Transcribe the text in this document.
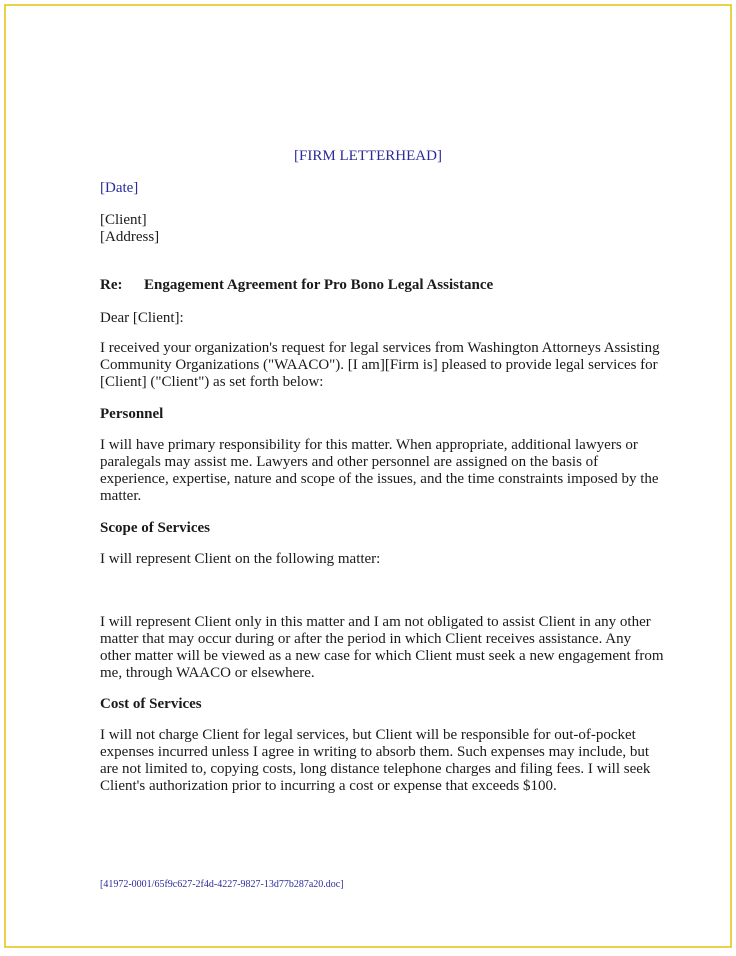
[FIRM LETTERHEAD]
[Date]
[Client]
[Address]
Re: Engagement Agreement for Pro Bono Legal Assistance
Dear [Client]:
I received your organization's request for legal services from Washington Attorneys Assisting
Community Organizations ("WAACO"). [I am][Firm is] pleased to provide legal services for
[Client] ("Client") as set forth below:
Personnel
I will have primary responsibility for this matter. When appropriate, additional lawyers or
paralegals may assist me. Lawyers and other personnel are assigned on the basis of
experience, expertise, nature and scope of the issues, and the time constraints imposed by the
matter.
Scope of Services
I will represent Client on the following matter:
I will represent Client only in this matter and I am not obligated to assist Client in any other
matter that may occur during or after the period in which Client receives assistance. Any
other matter will be viewed as a new case for which Client must seek a new engagement from
me, through WAACO or elsewhere.
Cost of Services
I will not charge Client for legal services, but Client will be responsible for out-of-pocket
expenses incurred unless I agree in writing to absorb them. Such expenses may include, but
are not limited to, copying costs, long distance telephone charges and filing fees. I will seek
Client's authorization prior to incurring a cost or expense that exceeds $100.
[41972-0001/65f9c627-2f4d-4227-9827-13d77b287a20.doc]
